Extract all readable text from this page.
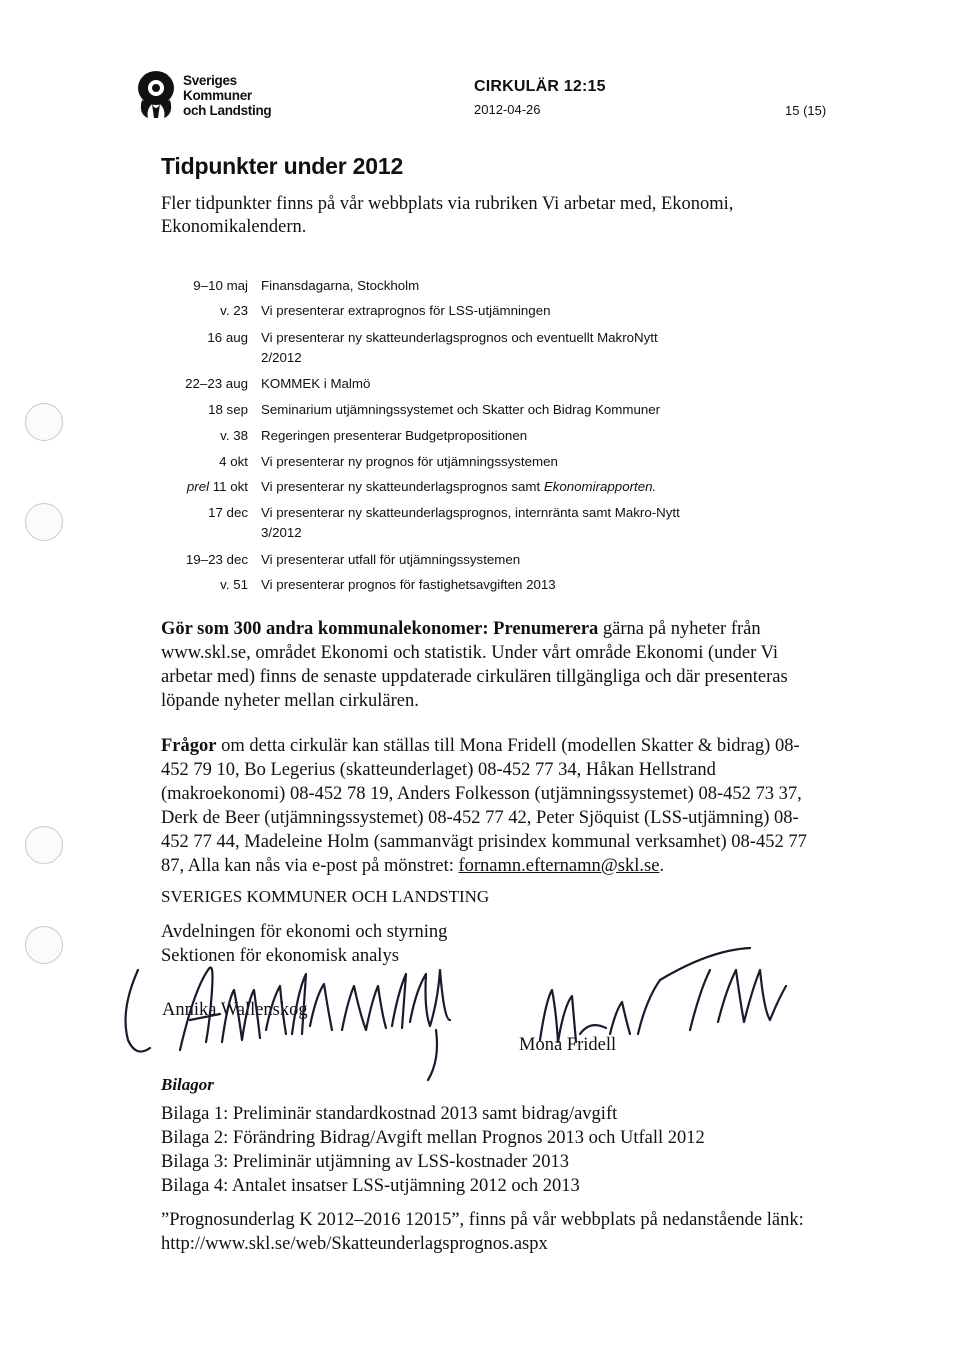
Sveriges
Kommuner
och Landsting
CIRKULÄR 12:15
2012-04-26	15 (15)
Tidpunkter under 2012
Fler tidpunkter finns på vår webbplats via rubriken Vi arbetar med, Ekonomi, Ekonomikalendern.
9–10 maj Finansdagarna, Stockholm
v. 23 Vi presenterar extraprognos för LSS-utjämningen
16 aug Vi presenterar ny skatteunderlagsprognos och eventuellt MakroNytt 2/2012
22–23 aug KOMMEK i Malmö
18 sep Seminarium utjämningssystemet och Skatter och Bidrag Kommuner
v. 38 Regeringen presenterar Budgetpropositionen
4 okt Vi presenterar ny prognos för utjämningssystemen
prel 11 okt Vi presenterar ny skatteunderlagsprognos samt Ekonomirapporten.
17 dec Vi presenterar ny skatteunderlagsprognos, internränta samt Makro-Nytt 3/2012
19–23 dec Vi presenterar utfall för utjämningssystemen
v. 51 Vi presenterar prognos för fastighetsavgiften 2013
Gör som 300 andra kommunalekonomer: Prenumerera gärna på nyheter från www.skl.se, området Ekonomi och statistik. Under vårt område Ekonomi (under Vi arbetar med) finns de senaste uppdaterade cirkulären tillgängliga och där presenteras löpande nyheter mellan cirkulären.
Frågor om detta cirkulär kan ställas till Mona Fridell (modellen Skatter & bidrag) 08-452 79 10, Bo Legerius (skatteunderlaget) 08-452 77 34, Håkan Hellstrand (makroekonomi) 08-452 78 19, Anders Folkesson (utjämningssystemet) 08-452 73 37, Derk de Beer (utjämningssystemet) 08-452 77 42, Peter Sjöquist (LSS-utjämning) 08-452 77 44, Madeleine Holm (sammanvägt prisindex kommunal verksamhet) 08-452 77 87, Alla kan nås via e-post på mönstret: fornamn.efternamn@skl.se.
SVERIGES KOMMUNER OCH LANDSTING
Avdelningen för ekonomi och styrning
Sektionen för ekonomisk analys
Annika Wallenskog
Mona Fridell
Bilagor
Bilaga 1: Preliminär standardkostnad 2013 samt bidrag/avgift
Bilaga 2: Förändring Bidrag/Avgift mellan Prognos 2013 och Utfall 2012
Bilaga 3: Preliminär utjämning av LSS-kostnader 2013
Bilaga 4: Antalet insatser LSS-utjämning 2012 och 2013
”Prognosunderlag K 2012–2016 12015”, finns på vår webbplats på nedanstående länk: http://www.skl.se/web/Skatteunderlagsprognos.aspx
